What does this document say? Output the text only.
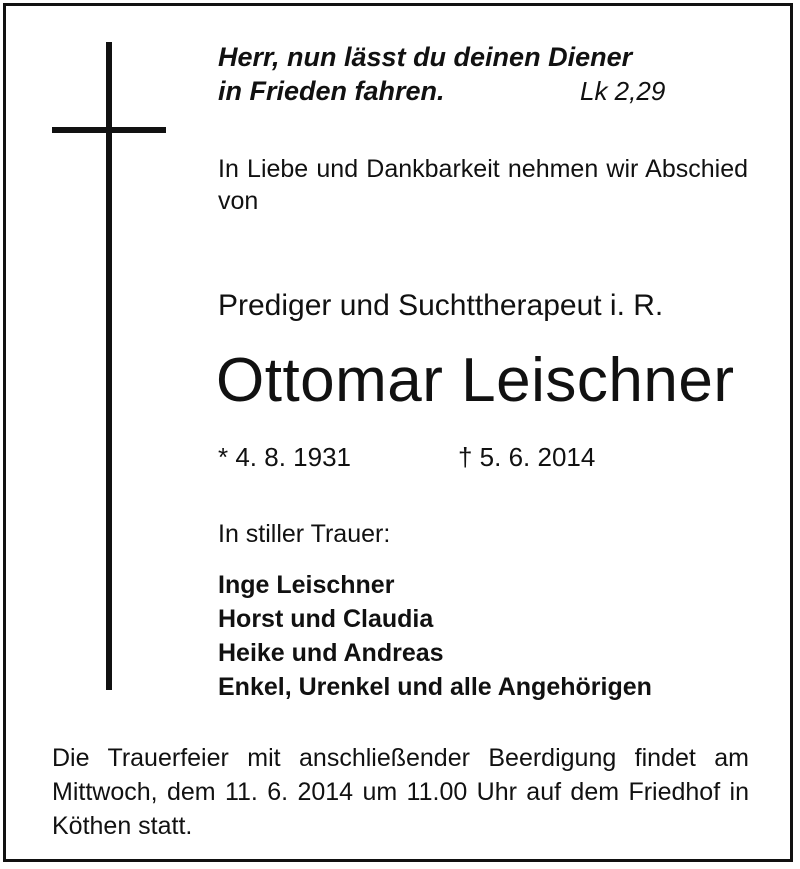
Herr, nun lässt du deinen Diener
in Frieden fahren.	Lk 2,29
In Liebe und Dankbarkeit nehmen wir Abschied von
Prediger und Suchttherapeut i. R.
Ottomar Leischner
* 4. 8. 1931	† 5. 6. 2014
In stiller Trauer:
Inge Leischner
Horst und Claudia
Heike und Andreas
Enkel, Urenkel und alle Angehörigen
Die Trauerfeier mit anschließender Beerdigung findet am Mittwoch, dem 11. 6. 2014 um 11.00 Uhr auf dem Friedhof in Köthen statt.
